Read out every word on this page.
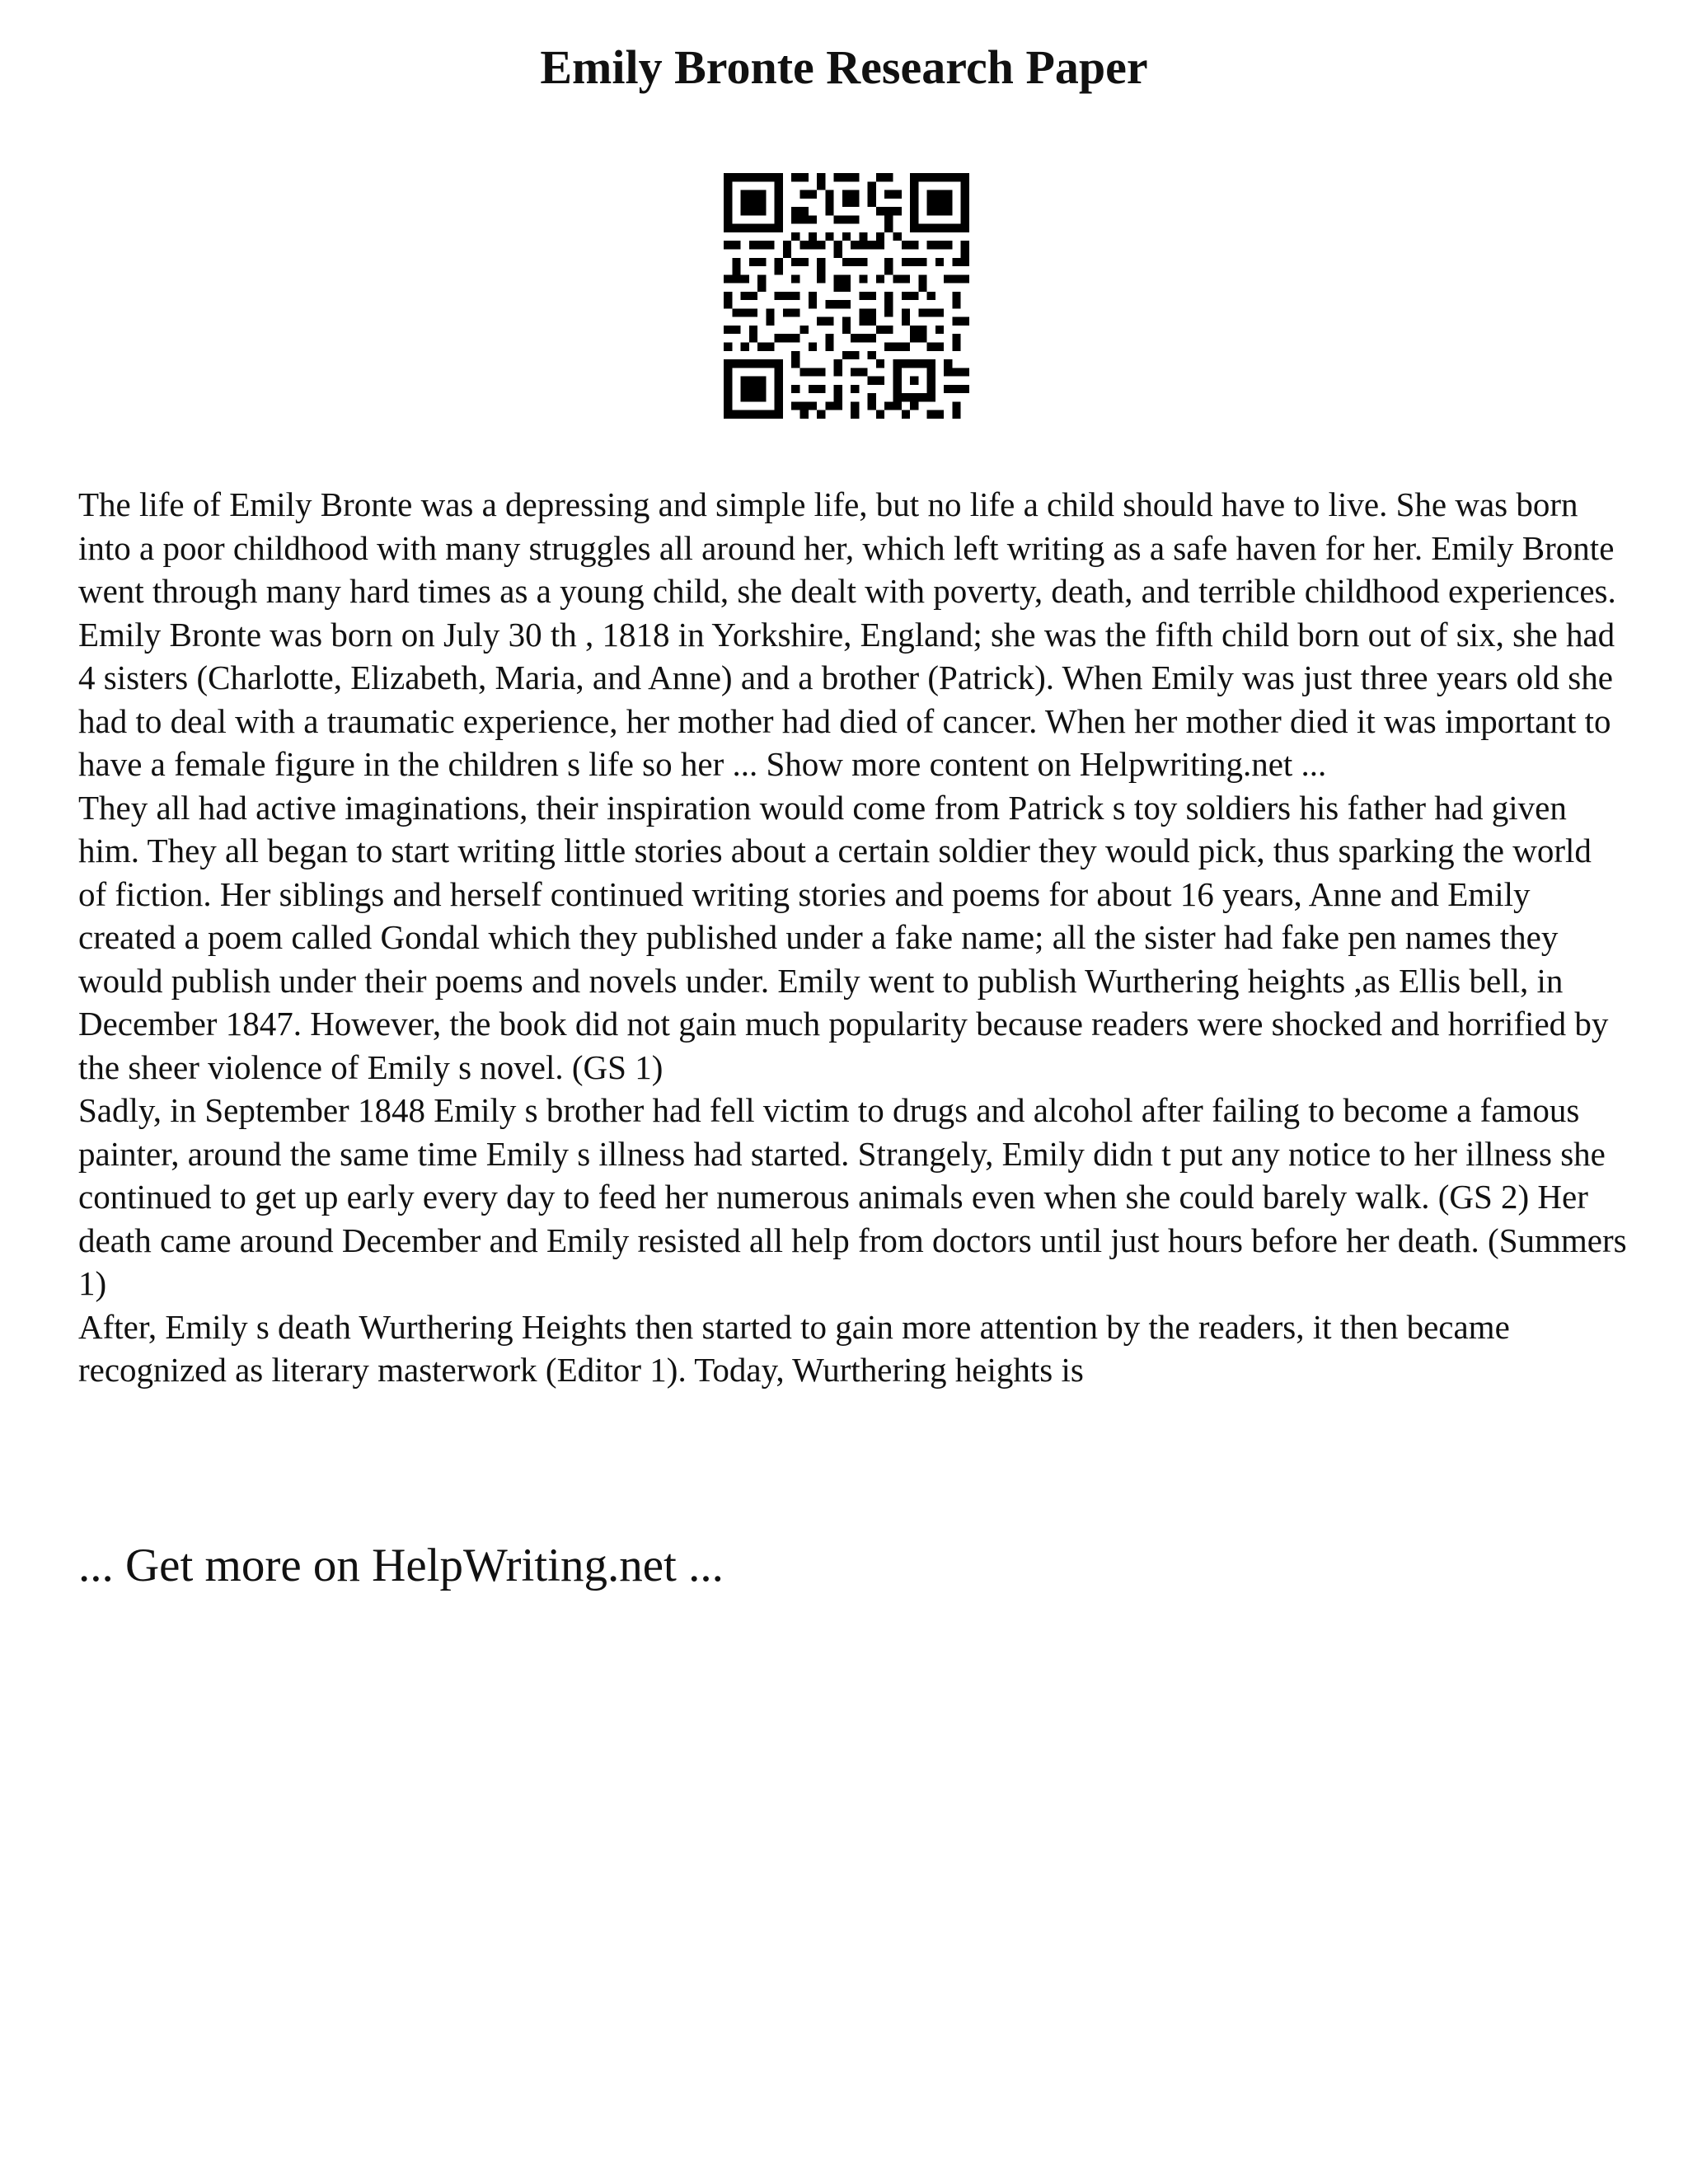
Emily Bronte Research Paper

The life of Emily Bronte was a depressing and simple life, but no life a child should have to live. She was born into a poor childhood with many struggles all around her, which left writing as a safe haven for her. Emily Bronte went through many hard times as a young child, she dealt with poverty, death, and terrible childhood experiences. Emily Bronte was born on July 30 th , 1818 in Yorkshire, England; she was the fifth child born out of six, she had 4 sisters (Charlotte, Elizabeth, Maria, and Anne) and a brother (Patrick). When Emily was just three years old she had to deal with a traumatic experience, her mother had died of cancer. When her mother died it was important to have a female figure in the children s life so her ... Show more content on Helpwriting.net ...

They all had active imaginations, their inspiration would come from Patrick s toy soldiers his father had given him. They all began to start writing little stories about a certain soldier they would pick, thus sparking the world of fiction. Her siblings and herself continued writing stories and poems for about 16 years, Anne and Emily created a poem called Gondal which they published under a fake name; all the sister had fake pen names they would publish under their poems and novels under. Emily went to publish Wurthering heights ,as Ellis bell, in December 1847. However, the book did not gain much popularity because readers were shocked and horrified by the sheer violence of Emily s novel. (GS 1)

Sadly, in September 1848 Emily s brother had fell victim to drugs and alcohol after failing to become a famous painter, around the same time Emily s illness had started. Strangely, Emily didn t put any notice to her illness she continued to get up early every day to feed her numerous animals even when she could barely walk. (GS 2) Her death came around December and Emily resisted all help from doctors until just hours before her death. (Summers 1)

After, Emily s death Wurthering Heights then started to gain more attention by the readers, it then became recognized as literary masterwork (Editor 1). Today, Wurthering heights is

... Get more on HelpWriting.net ...
